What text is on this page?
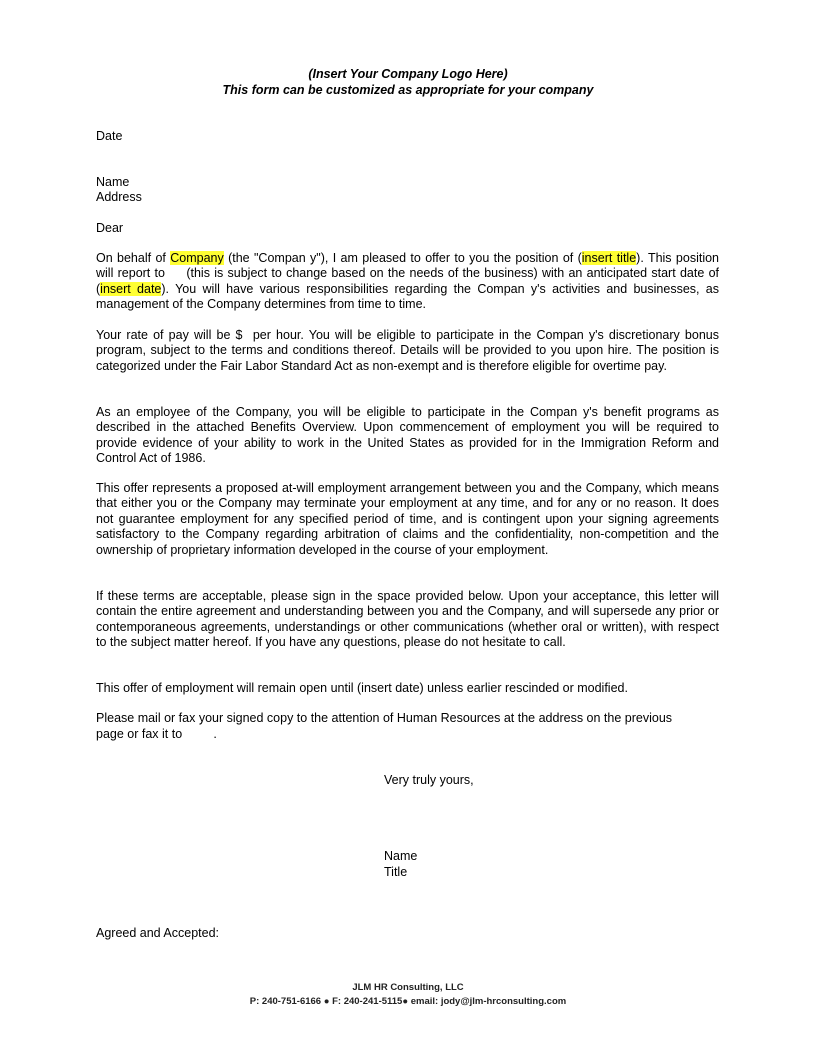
(Insert Your Company Logo Here)
This form can be customized as appropriate for your company
Date
Name
Address
Dear
On behalf of Company (the "Compan y"), I am pleased to offer to you the position of (insert title). This position will report to     (this is subject to change based on the needs of the business) with an anticipated start date of (insert date). You will have various responsibilities regarding the Compan y's activities and businesses, as management of the Company determines from time to time.
Your rate of pay will be $  per hour. You will be eligible to participate in the Compan y's discretionary bonus program, subject to the terms and conditions thereof. Details will be provided to you upon hire. The position is categorized under the Fair Labor Standard Act as non-exempt and is therefore eligible for overtime pay.
As an employee of the Company, you will be eligible to participate in the Compan y's benefit programs as described in the attached Benefits Overview. Upon commencement of employment you will be required to provide evidence of your ability to work in the United States as provided for in the Immigration Reform and Control Act of 1986.
This offer represents a proposed at-will employment arrangement between you and the Company, which means that either you or the Company may terminate your employment at any time, and for any or no reason. It does not guarantee employment for any specified period of time, and is contingent upon your signing agreements satisfactory to the Company regarding arbitration of claims and the confidentiality, non-competition and the ownership of proprietary information developed in the course of your employment.
If these terms are acceptable, please sign in the space provided below. Upon your acceptance, this letter will contain the entire agreement and understanding between you and the Company, and will supersede any prior or contemporaneous agreements, understandings or other communications (whether oral or written), with respect to the subject matter hereof. If you have any questions, please do not hesitate to call.
This offer of employment will remain open until (insert date) unless earlier rescinded or modified.
Please mail or fax your signed copy to the attention of Human Resources at the address on the previous
page or fax it to         .
Very truly yours,
Name
Title
Agreed and Accepted:
JLM HR Consulting, LLC
P: 240-751-6166 ● F: 240-241-5115● email: jody@jlm-hrconsulting.com
